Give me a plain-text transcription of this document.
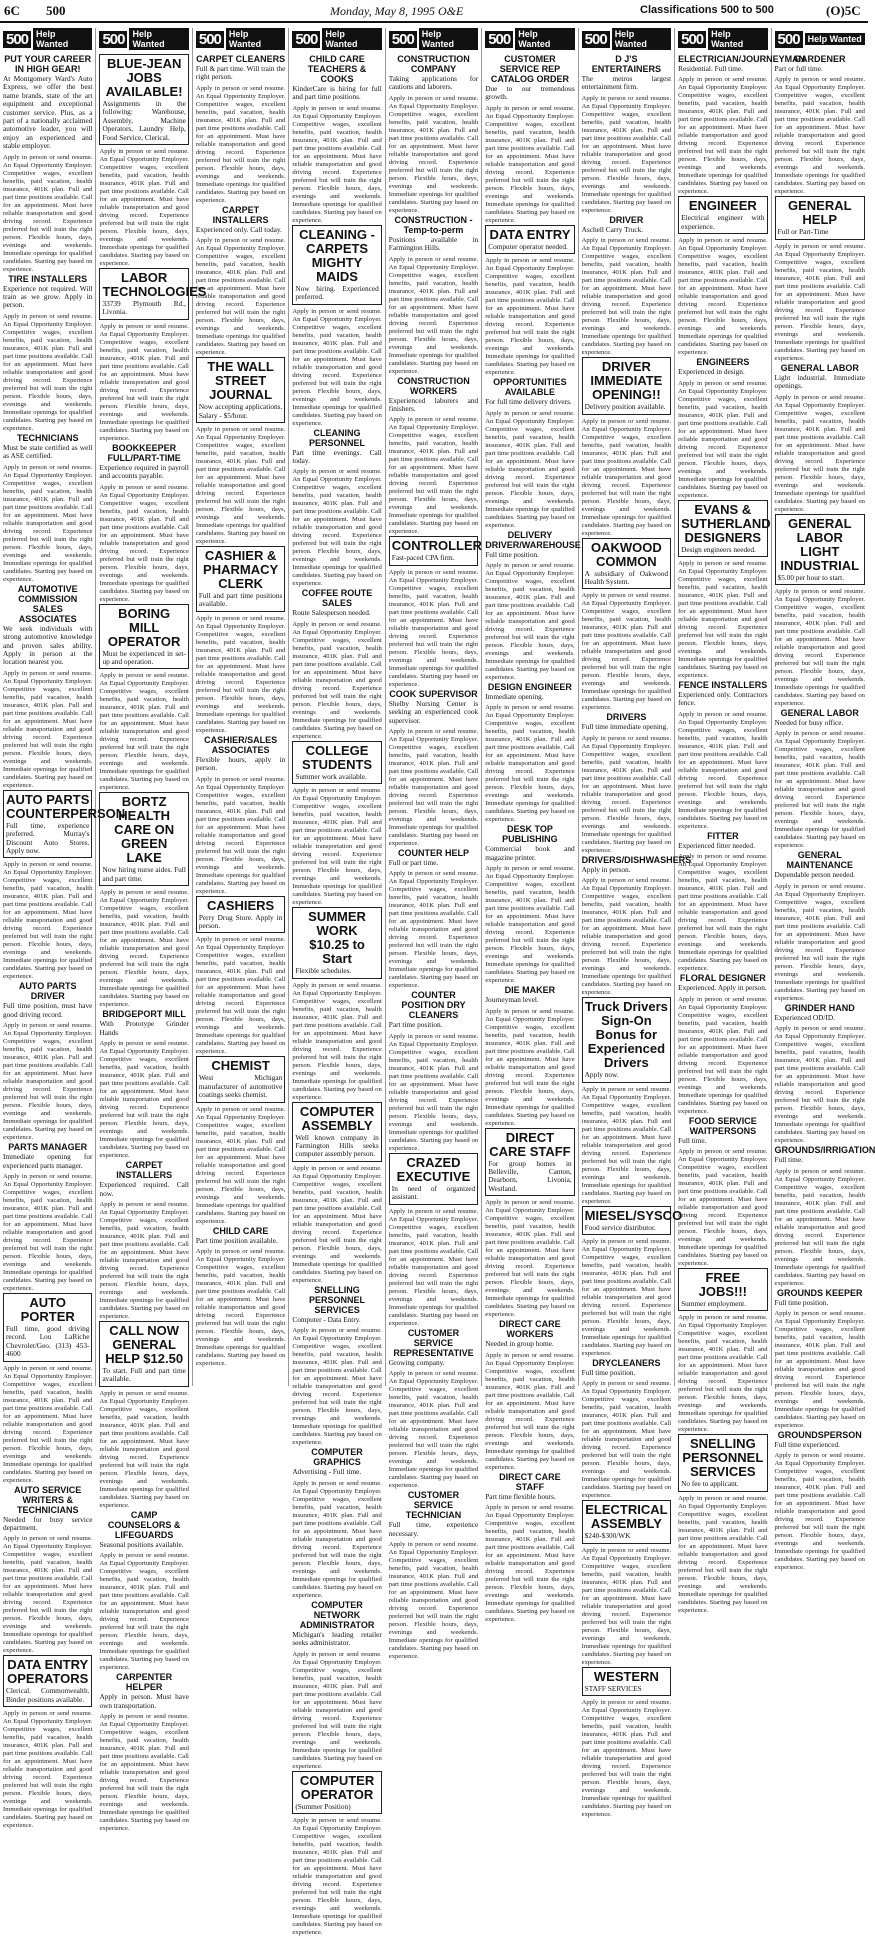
6C 500	Monday, May 8, 1995 O&E	Classifications 500 to 500	(O)5C
500 Help Wanted
PUT YOUR CAREER IN HIGH GEAR!
At Montgomery Ward's Auto Express, we offer the best name brands, state of the art equipment and exceptional customer service. Plus, as a part of a nationally acclaimed automotive leader, you will enjoy an experienced and stable employer.
Apply in person or send resume. An Equal Opportunity Employer. Competitive wages, excellent benefits, paid vacation, health insurance, 401K plan. Full and part time positions available. Call for an appointment. Must have reliable transportation and good driving record. Experience preferred but will train the right person. Flexible hours, days, evenings and weekends. Immediate openings for qualified candidates. Starting pay based on experience.
TIRE INSTALLERS
Experience not required. Will train as we grow. Apply in person.
Apply in person or send resume. An Equal Opportunity Employer. Competitive wages, excellent benefits, paid vacation, health insurance, 401K plan. Full and part time positions available. Call for an appointment. Must have reliable transportation and good driving record. Experience preferred but will train the right person. Flexible hours, days, evenings and weekends. Immediate openings for qualified candidates. Starting pay based on experience.
TECHNICIANS
Must be state certified as well as ASE certified.
Apply in person or send resume. An Equal Opportunity Employer. Competitive wages, excellent benefits, paid vacation, health insurance, 401K plan. Full and part time positions available. Call for an appointment. Must have reliable transportation and good driving record. Experience preferred but will train the right person. Flexible hours, days, evenings and weekends. Immediate openings for qualified candidates. Starting pay based on experience.
AUTOMOTIVE COMMISSION SALES ASSOCIATES
We seek individuals with strong automotive knowledge and proven sales ability. Apply in person at the location nearest you.
Apply in person or send resume. An Equal Opportunity Employer. Competitive wages, excellent benefits, paid vacation, health insurance, 401K plan. Full and part time positions available. Call for an appointment. Must have reliable transportation and good driving record. Experience preferred but will train the right person. Flexible hours, days, evenings and weekends. Immediate openings for qualified candidates. Starting pay based on experience.
AUTO PARTS COUNTERPERSON
Full time, experience preferred. Murray's Discount Auto Stores. Apply now.
Apply in person or send resume. An Equal Opportunity Employer. Competitive wages, excellent benefits, paid vacation, health insurance, 401K plan. Full and part time positions available. Call for an appointment. Must have reliable transportation and good driving record. Experience preferred but will train the right person. Flexible hours, days, evenings and weekends. Immediate openings for qualified candidates. Starting pay based on experience.
AUTO PARTS DRIVER
Full time position, must have good driving record.
Apply in person or send resume. An Equal Opportunity Employer. Competitive wages, excellent benefits, paid vacation, health insurance, 401K plan. Full and part time positions available. Call for an appointment. Must have reliable transportation and good driving record. Experience preferred but will train the right person. Flexible hours, days, evenings and weekends. Immediate openings for qualified candidates. Starting pay based on experience.
PARTS MANAGER
Immediate opening for experienced parts manager.
Apply in person or send resume. An Equal Opportunity Employer. Competitive wages, excellent benefits, paid vacation, health insurance, 401K plan. Full and part time positions available. Call for an appointment. Must have reliable transportation and good driving record. Experience preferred but will train the right person. Flexible hours, days, evenings and weekends. Immediate openings for qualified candidates. Starting pay based on experience.
AUTO PORTER
Full time, good driving record. Lou LaRiche Chevrolet/Geo. (313) 453-4600
Apply in person or send resume. An Equal Opportunity Employer. Competitive wages, excellent benefits, paid vacation, health insurance, 401K plan. Full and part time positions available. Call for an appointment. Must have reliable transportation and good driving record. Experience preferred but will train the right person. Flexible hours, days, evenings and weekends. Immediate openings for qualified candidates. Starting pay based on experience.
AUTO SERVICE WRITERS & TECHNICIANS
Needed for busy service department.
Apply in person or send resume. An Equal Opportunity Employer. Competitive wages, excellent benefits, paid vacation, health insurance, 401K plan. Full and part time positions available. Call for an appointment. Must have reliable transportation and good driving record. Experience preferred but will train the right person. Flexible hours, days, evenings and weekends. Immediate openings for qualified candidates. Starting pay based on experience.
DATA ENTRY OPERATORS
Clerical. Commonwealth. Binder positions available.
Apply in person or send resume. An Equal Opportunity Employer. Competitive wages, excellent benefits, paid vacation, health insurance, 401K plan. Full and part time positions available. Call for an appointment. Must have reliable transportation and good driving record. Experience preferred but will train the right person. Flexible hours, days, evenings and weekends. Immediate openings for qualified candidates. Starting pay based on experience.
500 Help Wanted
BLUE-JEAN JOBS AVAILABLE!
Assignments in the following: Warehouse, Assembly, Machine Operators, Laundry Help, Food Service, Clerical.
Apply in person or send resume. An Equal Opportunity Employer. Competitive wages, excellent benefits, paid vacation, health insurance, 401K plan. Full and part time positions available. Call for an appointment. Must have reliable transportation and good driving record. Experience preferred but will train the right person. Flexible hours, days, evenings and weekends. Immediate openings for qualified candidates. Starting pay based on experience.
LABOR TECHNOLOGIES
33739 Plymouth Rd., Livonia.
Apply in person or send resume. An Equal Opportunity Employer. Competitive wages, excellent benefits, paid vacation, health insurance, 401K plan. Full and part time positions available. Call for an appointment. Must have reliable transportation and good driving record. Experience preferred but will train the right person. Flexible hours, days, evenings and weekends. Immediate openings for qualified candidates. Starting pay based on experience.
BOOKKEEPER FULL/PART-TIME
Experience required in payroll and accounts payable.
Apply in person or send resume. An Equal Opportunity Employer. Competitive wages, excellent benefits, paid vacation, health insurance, 401K plan. Full and part time positions available. Call for an appointment. Must have reliable transportation and good driving record. Experience preferred but will train the right person. Flexible hours, days, evenings and weekends. Immediate openings for qualified candidates. Starting pay based on experience.
BORING MILL OPERATOR
Must be experienced in set-up and operation.
Apply in person or send resume. An Equal Opportunity Employer. Competitive wages, excellent benefits, paid vacation, health insurance, 401K plan. Full and part time positions available. Call for an appointment. Must have reliable transportation and good driving record. Experience preferred but will train the right person. Flexible hours, days, evenings and weekends. Immediate openings for qualified candidates. Starting pay based on experience.
BORTZ HEALTH CARE ON GREEN LAKE
Now hiring nurse aides. Full and part time.
Apply in person or send resume. An Equal Opportunity Employer. Competitive wages, excellent benefits, paid vacation, health insurance, 401K plan. Full and part time positions available. Call for an appointment. Must have reliable transportation and good driving record. Experience preferred but will train the right person. Flexible hours, days, evenings and weekends. Immediate openings for qualified candidates. Starting pay based on experience.
BRIDGEPORT MILL
With Prototype Grinder Hands
Apply in person or send resume. An Equal Opportunity Employer. Competitive wages, excellent benefits, paid vacation, health insurance, 401K plan. Full and part time positions available. Call for an appointment. Must have reliable transportation and good driving record. Experience preferred but will train the right person. Flexible hours, days, evenings and weekends. Immediate openings for qualified candidates. Starting pay based on experience.
CARPET INSTALLERS
Experienced required. Call now.
Apply in person or send resume. An Equal Opportunity Employer. Competitive wages, excellent benefits, paid vacation, health insurance, 401K plan. Full and part time positions available. Call for an appointment. Must have reliable transportation and good driving record. Experience preferred but will train the right person. Flexible hours, days, evenings and weekends. Immediate openings for qualified candidates. Starting pay based on experience.
CALL NOW GENERAL HELP $12.50
To start. Full and part time available.
Apply in person or send resume. An Equal Opportunity Employer. Competitive wages, excellent benefits, paid vacation, health insurance, 401K plan. Full and part time positions available. Call for an appointment. Must have reliable transportation and good driving record. Experience preferred but will train the right person. Flexible hours, days, evenings and weekends. Immediate openings for qualified candidates. Starting pay based on experience.
CAMP COUNSELORS & LIFEGUARDS
Seasonal positions available.
Apply in person or send resume. An Equal Opportunity Employer. Competitive wages, excellent benefits, paid vacation, health insurance, 401K plan. Full and part time positions available. Call for an appointment. Must have reliable transportation and good driving record. Experience preferred but will train the right person. Flexible hours, days, evenings and weekends. Immediate openings for qualified candidates. Starting pay based on experience.
CARPENTER HELPER
Apply in person. Must have own transportation.
Apply in person or send resume. An Equal Opportunity Employer. Competitive wages, excellent benefits, paid vacation, health insurance, 401K plan. Full and part time positions available. Call for an appointment. Must have reliable transportation and good driving record. Experience preferred but will train the right person. Flexible hours, days, evenings and weekends. Immediate openings for qualified candidates. Starting pay based on experience.
500 Help Wanted
CARPET CLEANERS
Full & part time. Will train the right person.
Apply in person or send resume. An Equal Opportunity Employer. Competitive wages, excellent benefits, paid vacation, health insurance, 401K plan. Full and part time positions available. Call for an appointment. Must have reliable transportation and good driving record. Experience preferred but will train the right person. Flexible hours, days, evenings and weekends. Immediate openings for qualified candidates. Starting pay based on experience.
CARPET INSTALLERS
Experienced only. Call today.
Apply in person or send resume. An Equal Opportunity Employer. Competitive wages, excellent benefits, paid vacation, health insurance, 401K plan. Full and part time positions available. Call for an appointment. Must have reliable transportation and good driving record. Experience preferred but will train the right person. Flexible hours, days, evenings and weekends. Immediate openings for qualified candidates. Starting pay based on experience.
THE WALL STREET JOURNAL
Now accepting applications. Salary - $5/hour.
Apply in person or send resume. An Equal Opportunity Employer. Competitive wages, excellent benefits, paid vacation, health insurance, 401K plan. Full and part time positions available. Call for an appointment. Must have reliable transportation and good driving record. Experience preferred but will train the right person. Flexible hours, days, evenings and weekends. Immediate openings for qualified candidates. Starting pay based on experience.
CASHIER & PHARMACY CLERK
Full and part time positions available.
Apply in person or send resume. An Equal Opportunity Employer. Competitive wages, excellent benefits, paid vacation, health insurance, 401K plan. Full and part time positions available. Call for an appointment. Must have reliable transportation and good driving record. Experience preferred but will train the right person. Flexible hours, days, evenings and weekends. Immediate openings for qualified candidates. Starting pay based on experience.
CASHIER/SALES ASSOCIATES
Flexible hours, apply in person.
Apply in person or send resume. An Equal Opportunity Employer. Competitive wages, excellent benefits, paid vacation, health insurance, 401K plan. Full and part time positions available. Call for an appointment. Must have reliable transportation and good driving record. Experience preferred but will train the right person. Flexible hours, days, evenings and weekends. Immediate openings for qualified candidates. Starting pay based on experience.
CASHIERS
Perry Drug Store. Apply in person.
Apply in person or send resume. An Equal Opportunity Employer. Competitive wages, excellent benefits, paid vacation, health insurance, 401K plan. Full and part time positions available. Call for an appointment. Must have reliable transportation and good driving record. Experience preferred but will train the right person. Flexible hours, days, evenings and weekends. Immediate openings for qualified candidates. Starting pay based on experience.
CHEMIST
West Michigan manufacturer of automotive coatings seeks chemist.
Apply in person or send resume. An Equal Opportunity Employer. Competitive wages, excellent benefits, paid vacation, health insurance, 401K plan. Full and part time positions available. Call for an appointment. Must have reliable transportation and good driving record. Experience preferred but will train the right person. Flexible hours, days, evenings and weekends. Immediate openings for qualified candidates. Starting pay based on experience.
CHILD CARE
Part time position available.
Apply in person or send resume. An Equal Opportunity Employer. Competitive wages, excellent benefits, paid vacation, health insurance, 401K plan. Full and part time positions available. Call for an appointment. Must have reliable transportation and good driving record. Experience preferred but will train the right person. Flexible hours, days, evenings and weekends. Immediate openings for qualified candidates. Starting pay based on experience.
500 Help Wanted
CHILD CARE TEACHERS & COOKS
KinderCare is hiring for full and part time positions.
Apply in person or send resume. An Equal Opportunity Employer. Competitive wages, excellent benefits, paid vacation, health insurance, 401K plan. Full and part time positions available. Call for an appointment. Must have reliable transportation and good driving record. Experience preferred but will train the right person. Flexible hours, days, evenings and weekends. Immediate openings for qualified candidates. Starting pay based on experience.
CLEANING - CARPETS MIGHTY MAIDS
Now hiring. Experienced preferred.
Apply in person or send resume. An Equal Opportunity Employer. Competitive wages, excellent benefits, paid vacation, health insurance, 401K plan. Full and part time positions available. Call for an appointment. Must have reliable transportation and good driving record. Experience preferred but will train the right person. Flexible hours, days, evenings and weekends. Immediate openings for qualified candidates. Starting pay based on experience.
CLEANING PERSONNEL
Part time evenings. Call today.
Apply in person or send resume. An Equal Opportunity Employer. Competitive wages, excellent benefits, paid vacation, health insurance, 401K plan. Full and part time positions available. Call for an appointment. Must have reliable transportation and good driving record. Experience preferred but will train the right person. Flexible hours, days, evenings and weekends. Immediate openings for qualified candidates. Starting pay based on experience.
COFFEE ROUTE SALES
Route Salesperson needed.
Apply in person or send resume. An Equal Opportunity Employer. Competitive wages, excellent benefits, paid vacation, health insurance, 401K plan. Full and part time positions available. Call for an appointment. Must have reliable transportation and good driving record. Experience preferred but will train the right person. Flexible hours, days, evenings and weekends. Immediate openings for qualified candidates. Starting pay based on experience.
COLLEGE STUDENTS
Summer work available.
Apply in person or send resume. An Equal Opportunity Employer. Competitive wages, excellent benefits, paid vacation, health insurance, 401K plan. Full and part time positions available. Call for an appointment. Must have reliable transportation and good driving record. Experience preferred but will train the right person. Flexible hours, days, evenings and weekends. Immediate openings for qualified candidates. Starting pay based on experience.
SUMMER WORK $10.25 to Start
Flexible schedules.
Apply in person or send resume. An Equal Opportunity Employer. Competitive wages, excellent benefits, paid vacation, health insurance, 401K plan. Full and part time positions available. Call for an appointment. Must have reliable transportation and good driving record. Experience preferred but will train the right person. Flexible hours, days, evenings and weekends. Immediate openings for qualified candidates. Starting pay based on experience.
COMPUTER ASSEMBLY
Well known company in Farmington Hills seeks computer assembly person.
Apply in person or send resume. An Equal Opportunity Employer. Competitive wages, excellent benefits, paid vacation, health insurance, 401K plan. Full and part time positions available. Call for an appointment. Must have reliable transportation and good driving record. Experience preferred but will train the right person. Flexible hours, days, evenings and weekends. Immediate openings for qualified candidates. Starting pay based on experience.
SNELLING PERSONNEL SERVICES
Computer - Data Entry.
Apply in person or send resume. An Equal Opportunity Employer. Competitive wages, excellent benefits, paid vacation, health insurance, 401K plan. Full and part time positions available. Call for an appointment. Must have reliable transportation and good driving record. Experience preferred but will train the right person. Flexible hours, days, evenings and weekends. Immediate openings for qualified candidates. Starting pay based on experience.
COMPUTER GRAPHICS
Advertising - Full time.
Apply in person or send resume. An Equal Opportunity Employer. Competitive wages, excellent benefits, paid vacation, health insurance, 401K plan. Full and part time positions available. Call for an appointment. Must have reliable transportation and good driving record. Experience preferred but will train the right person. Flexible hours, days, evenings and weekends. Immediate openings for qualified candidates. Starting pay based on experience.
COMPUTER NETWORK ADMINISTRATOR
Michigan's leading retailer seeks administrator.
Apply in person or send resume. An Equal Opportunity Employer. Competitive wages, excellent benefits, paid vacation, health insurance, 401K plan. Full and part time positions available. Call for an appointment. Must have reliable transportation and good driving record. Experience preferred but will train the right person. Flexible hours, days, evenings and weekends. Immediate openings for qualified candidates. Starting pay based on experience.
COMPUTER OPERATOR
(Summer Position)
Apply in person or send resume. An Equal Opportunity Employer. Competitive wages, excellent benefits, paid vacation, health insurance, 401K plan. Full and part time positions available. Call for an appointment. Must have reliable transportation and good driving record. Experience preferred but will train the right person. Flexible hours, days, evenings and weekends. Immediate openings for qualified candidates. Starting pay based on experience.
500 Help Wanted
CONSTRUCTION COMPANY
Taking applications for cautions and laborers.
Apply in person or send resume. An Equal Opportunity Employer. Competitive wages, excellent benefits, paid vacation, health insurance, 401K plan. Full and part time positions available. Call for an appointment. Must have reliable transportation and good driving record. Experience preferred but will train the right person. Flexible hours, days, evenings and weekends. Immediate openings for qualified candidates. Starting pay based on experience.
CONSTRUCTION - Temp-to-perm
Positions available in Farmington Hills.
Apply in person or send resume. An Equal Opportunity Employer. Competitive wages, excellent benefits, paid vacation, health insurance, 401K plan. Full and part time positions available. Call for an appointment. Must have reliable transportation and good driving record. Experience preferred but will train the right person. Flexible hours, days, evenings and weekends. Immediate openings for qualified candidates. Starting pay based on experience.
CONSTRUCTION WORKERS
Experienced laborers and finishers.
Apply in person or send resume. An Equal Opportunity Employer. Competitive wages, excellent benefits, paid vacation, health insurance, 401K plan. Full and part time positions available. Call for an appointment. Must have reliable transportation and good driving record. Experience preferred but will train the right person. Flexible hours, days, evenings and weekends. Immediate openings for qualified candidates. Starting pay based on experience.
CONTROLLER
Fast-paced CPA firm.
Apply in person or send resume. An Equal Opportunity Employer. Competitive wages, excellent benefits, paid vacation, health insurance, 401K plan. Full and part time positions available. Call for an appointment. Must have reliable transportation and good driving record. Experience preferred but will train the right person. Flexible hours, days, evenings and weekends. Immediate openings for qualified candidates. Starting pay based on experience.
COOK SUPERVISOR
Shelby Nursing Center is seeking an experienced cook supervisor.
Apply in person or send resume. An Equal Opportunity Employer. Competitive wages, excellent benefits, paid vacation, health insurance, 401K plan. Full and part time positions available. Call for an appointment. Must have reliable transportation and good driving record. Experience preferred but will train the right person. Flexible hours, days, evenings and weekends. Immediate openings for qualified candidates. Starting pay based on experience.
COUNTER HELP
Full or part time.
Apply in person or send resume. An Equal Opportunity Employer. Competitive wages, excellent benefits, paid vacation, health insurance, 401K plan. Full and part time positions available. Call for an appointment. Must have reliable transportation and good driving record. Experience preferred but will train the right person. Flexible hours, days, evenings and weekends. Immediate openings for qualified candidates. Starting pay based on experience.
COUNTER POSITION DRY CLEANERS
Part time position.
Apply in person or send resume. An Equal Opportunity Employer. Competitive wages, excellent benefits, paid vacation, health insurance, 401K plan. Full and part time positions available. Call for an appointment. Must have reliable transportation and good driving record. Experience preferred but will train the right person. Flexible hours, days, evenings and weekends. Immediate openings for qualified candidates. Starting pay based on experience.
CRAZED EXECUTIVE
In need of organized assistant.
Apply in person or send resume. An Equal Opportunity Employer. Competitive wages, excellent benefits, paid vacation, health insurance, 401K plan. Full and part time positions available. Call for an appointment. Must have reliable transportation and good driving record. Experience preferred but will train the right person. Flexible hours, days, evenings and weekends. Immediate openings for qualified candidates. Starting pay based on experience.
CUSTOMER SERVICE REPRESENTATIVE
Growing company.
Apply in person or send resume. An Equal Opportunity Employer. Competitive wages, excellent benefits, paid vacation, health insurance, 401K plan. Full and part time positions available. Call for an appointment. Must have reliable transportation and good driving record. Experience preferred but will train the right person. Flexible hours, days, evenings and weekends. Immediate openings for qualified candidates. Starting pay based on experience.
CUSTOMER SERVICE TECHNICIAN
Full time, experience necessary.
Apply in person or send resume. An Equal Opportunity Employer. Competitive wages, excellent benefits, paid vacation, health insurance, 401K plan. Full and part time positions available. Call for an appointment. Must have reliable transportation and good driving record. Experience preferred but will train the right person. Flexible hours, days, evenings and weekends. Immediate openings for qualified candidates. Starting pay based on experience.
500 Help Wanted
CUSTOMER SERVICE REP CATALOG ORDER
Due to our tremendous growth.
Apply in person or send resume. An Equal Opportunity Employer. Competitive wages, excellent benefits, paid vacation, health insurance, 401K plan. Full and part time positions available. Call for an appointment. Must have reliable transportation and good driving record. Experience preferred but will train the right person. Flexible hours, days, evenings and weekends. Immediate openings for qualified candidates. Starting pay based on experience.
DATA ENTRY
Computer operator needed.
Apply in person or send resume. An Equal Opportunity Employer. Competitive wages, excellent benefits, paid vacation, health insurance, 401K plan. Full and part time positions available. Call for an appointment. Must have reliable transportation and good driving record. Experience preferred but will train the right person. Flexible hours, days, evenings and weekends. Immediate openings for qualified candidates. Starting pay based on experience.
OPPORTUNITIES AVAILABLE
For full time delivery drivers.
Apply in person or send resume. An Equal Opportunity Employer. Competitive wages, excellent benefits, paid vacation, health insurance, 401K plan. Full and part time positions available. Call for an appointment. Must have reliable transportation and good driving record. Experience preferred but will train the right person. Flexible hours, days, evenings and weekends. Immediate openings for qualified candidates. Starting pay based on experience.
DELIVERY DRIVER/WAREHOUSE
Full time position.
Apply in person or send resume. An Equal Opportunity Employer. Competitive wages, excellent benefits, paid vacation, health insurance, 401K plan. Full and part time positions available. Call for an appointment. Must have reliable transportation and good driving record. Experience preferred but will train the right person. Flexible hours, days, evenings and weekends. Immediate openings for qualified candidates. Starting pay based on experience.
DESIGN ENGINEER
Immediate opening.
Apply in person or send resume. An Equal Opportunity Employer. Competitive wages, excellent benefits, paid vacation, health insurance, 401K plan. Full and part time positions available. Call for an appointment. Must have reliable transportation and good driving record. Experience preferred but will train the right person. Flexible hours, days, evenings and weekends. Immediate openings for qualified candidates. Starting pay based on experience.
DESK TOP PUBLISHING
Commercial book and magazine printer.
Apply in person or send resume. An Equal Opportunity Employer. Competitive wages, excellent benefits, paid vacation, health insurance, 401K plan. Full and part time positions available. Call for an appointment. Must have reliable transportation and good driving record. Experience preferred but will train the right person. Flexible hours, days, evenings and weekends. Immediate openings for qualified candidates. Starting pay based on experience.
DIE MAKER
Journeyman level.
Apply in person or send resume. An Equal Opportunity Employer. Competitive wages, excellent benefits, paid vacation, health insurance, 401K plan. Full and part time positions available. Call for an appointment. Must have reliable transportation and good driving record. Experience preferred but will train the right person. Flexible hours, days, evenings and weekends. Immediate openings for qualified candidates. Starting pay based on experience.
DIRECT CARE STAFF
For group homes in Belleville, Canton, Dearborn, Livonia, Westland.
Apply in person or send resume. An Equal Opportunity Employer. Competitive wages, excellent benefits, paid vacation, health insurance, 401K plan. Full and part time positions available. Call for an appointment. Must have reliable transportation and good driving record. Experience preferred but will train the right person. Flexible hours, days, evenings and weekends. Immediate openings for qualified candidates. Starting pay based on experience.
DIRECT CARE WORKERS
Needed in group home.
Apply in person or send resume. An Equal Opportunity Employer. Competitive wages, excellent benefits, paid vacation, health insurance, 401K plan. Full and part time positions available. Call for an appointment. Must have reliable transportation and good driving record. Experience preferred but will train the right person. Flexible hours, days, evenings and weekends. Immediate openings for qualified candidates. Starting pay based on experience.
DIRECT CARE STAFF
Part time flexible hours.
Apply in person or send resume. An Equal Opportunity Employer. Competitive wages, excellent benefits, paid vacation, health insurance, 401K plan. Full and part time positions available. Call for an appointment. Must have reliable transportation and good driving record. Experience preferred but will train the right person. Flexible hours, days, evenings and weekends. Immediate openings for qualified candidates. Starting pay based on experience.
500 Help Wanted
D J'S ENTERTAINERS
The metros largest entertainment firm.
Apply in person or send resume. An Equal Opportunity Employer. Competitive wages, excellent benefits, paid vacation, health insurance, 401K plan. Full and part time positions available. Call for an appointment. Must have reliable transportation and good driving record. Experience preferred but will train the right person. Flexible hours, days, evenings and weekends. Immediate openings for qualified candidates. Starting pay based on experience.
DRIVER
Aschell Carry Truck.
Apply in person or send resume. An Equal Opportunity Employer. Competitive wages, excellent benefits, paid vacation, health insurance, 401K plan. Full and part time positions available. Call for an appointment. Must have reliable transportation and good driving record. Experience preferred but will train the right person. Flexible hours, days, evenings and weekends. Immediate openings for qualified candidates. Starting pay based on experience.
DRIVER IMMEDIATE OPENING!!
Delivery position available.
Apply in person or send resume. An Equal Opportunity Employer. Competitive wages, excellent benefits, paid vacation, health insurance, 401K plan. Full and part time positions available. Call for an appointment. Must have reliable transportation and good driving record. Experience preferred but will train the right person. Flexible hours, days, evenings and weekends. Immediate openings for qualified candidates. Starting pay based on experience.
OAKWOOD COMMON
A subsidiary of Oakwood Health System.
Apply in person or send resume. An Equal Opportunity Employer. Competitive wages, excellent benefits, paid vacation, health insurance, 401K plan. Full and part time positions available. Call for an appointment. Must have reliable transportation and good driving record. Experience preferred but will train the right person. Flexible hours, days, evenings and weekends. Immediate openings for qualified candidates. Starting pay based on experience.
DRIVERS
Full time immediate opening.
Apply in person or send resume. An Equal Opportunity Employer. Competitive wages, excellent benefits, paid vacation, health insurance, 401K plan. Full and part time positions available. Call for an appointment. Must have reliable transportation and good driving record. Experience preferred but will train the right person. Flexible hours, days, evenings and weekends. Immediate openings for qualified candidates. Starting pay based on experience.
DRIVERS/DISHWASHERS
Apply in person.
Apply in person or send resume. An Equal Opportunity Employer. Competitive wages, excellent benefits, paid vacation, health insurance, 401K plan. Full and part time positions available. Call for an appointment. Must have reliable transportation and good driving record. Experience preferred but will train the right person. Flexible hours, days, evenings and weekends. Immediate openings for qualified candidates. Starting pay based on experience.
Truck Drivers Sign-On Bonus for Experienced Drivers
Apply now.
Apply in person or send resume. An Equal Opportunity Employer. Competitive wages, excellent benefits, paid vacation, health insurance, 401K plan. Full and part time positions available. Call for an appointment. Must have reliable transportation and good driving record. Experience preferred but will train the right person. Flexible hours, days, evenings and weekends. Immediate openings for qualified candidates. Starting pay based on experience.
MIESEL/SYSCO
Food service distributor.
Apply in person or send resume. An Equal Opportunity Employer. Competitive wages, excellent benefits, paid vacation, health insurance, 401K plan. Full and part time positions available. Call for an appointment. Must have reliable transportation and good driving record. Experience preferred but will train the right person. Flexible hours, days, evenings and weekends. Immediate openings for qualified candidates. Starting pay based on experience.
DRYCLEANERS
Full time position.
Apply in person or send resume. An Equal Opportunity Employer. Competitive wages, excellent benefits, paid vacation, health insurance, 401K plan. Full and part time positions available. Call for an appointment. Must have reliable transportation and good driving record. Experience preferred but will train the right person. Flexible hours, days, evenings and weekends. Immediate openings for qualified candidates. Starting pay based on experience.
ELECTRICAL ASSEMBLY
$240-$300/WK
Apply in person or send resume. An Equal Opportunity Employer. Competitive wages, excellent benefits, paid vacation, health insurance, 401K plan. Full and part time positions available. Call for an appointment. Must have reliable transportation and good driving record. Experience preferred but will train the right person. Flexible hours, days, evenings and weekends. Immediate openings for qualified candidates. Starting pay based on experience.
WESTERN
STAFF SERVICES
Apply in person or send resume. An Equal Opportunity Employer. Competitive wages, excellent benefits, paid vacation, health insurance, 401K plan. Full and part time positions available. Call for an appointment. Must have reliable transportation and good driving record. Experience preferred but will train the right person. Flexible hours, days, evenings and weekends. Immediate openings for qualified candidates. Starting pay based on experience.
500 Help Wanted
ELECTRICIAN/JOURNEYMAN
Residential. Full time.
Apply in person or send resume. An Equal Opportunity Employer. Competitive wages, excellent benefits, paid vacation, health insurance, 401K plan. Full and part time positions available. Call for an appointment. Must have reliable transportation and good driving record. Experience preferred but will train the right person. Flexible hours, days, evenings and weekends. Immediate openings for qualified candidates. Starting pay based on experience.
ENGINEER
Electrical engineer with experience.
Apply in person or send resume. An Equal Opportunity Employer. Competitive wages, excellent benefits, paid vacation, health insurance, 401K plan. Full and part time positions available. Call for an appointment. Must have reliable transportation and good driving record. Experience preferred but will train the right person. Flexible hours, days, evenings and weekends. Immediate openings for qualified candidates. Starting pay based on experience.
ENGINEERS
Experienced in design.
Apply in person or send resume. An Equal Opportunity Employer. Competitive wages, excellent benefits, paid vacation, health insurance, 401K plan. Full and part time positions available. Call for an appointment. Must have reliable transportation and good driving record. Experience preferred but will train the right person. Flexible hours, days, evenings and weekends. Immediate openings for qualified candidates. Starting pay based on experience.
EVANS & SUTHERLAND DESIGNERS
Design engineers needed.
Apply in person or send resume. An Equal Opportunity Employer. Competitive wages, excellent benefits, paid vacation, health insurance, 401K plan. Full and part time positions available. Call for an appointment. Must have reliable transportation and good driving record. Experience preferred but will train the right person. Flexible hours, days, evenings and weekends. Immediate openings for qualified candidates. Starting pay based on experience.
FENCE INSTALLERS
Experienced only. Contractors fence.
Apply in person or send resume. An Equal Opportunity Employer. Competitive wages, excellent benefits, paid vacation, health insurance, 401K plan. Full and part time positions available. Call for an appointment. Must have reliable transportation and good driving record. Experience preferred but will train the right person. Flexible hours, days, evenings and weekends. Immediate openings for qualified candidates. Starting pay based on experience.
FITTER
Experienced fitter needed.
Apply in person or send resume. An Equal Opportunity Employer. Competitive wages, excellent benefits, paid vacation, health insurance, 401K plan. Full and part time positions available. Call for an appointment. Must have reliable transportation and good driving record. Experience preferred but will train the right person. Flexible hours, days, evenings and weekends. Immediate openings for qualified candidates. Starting pay based on experience.
FLORAL DESIGNER
Experienced. Apply in person.
Apply in person or send resume. An Equal Opportunity Employer. Competitive wages, excellent benefits, paid vacation, health insurance, 401K plan. Full and part time positions available. Call for an appointment. Must have reliable transportation and good driving record. Experience preferred but will train the right person. Flexible hours, days, evenings and weekends. Immediate openings for qualified candidates. Starting pay based on experience.
FOOD SERVICE WAITPERSONS
Full time.
Apply in person or send resume. An Equal Opportunity Employer. Competitive wages, excellent benefits, paid vacation, health insurance, 401K plan. Full and part time positions available. Call for an appointment. Must have reliable transportation and good driving record. Experience preferred but will train the right person. Flexible hours, days, evenings and weekends. Immediate openings for qualified candidates. Starting pay based on experience.
FREE JOBS!!!
Summer employment.
Apply in person or send resume. An Equal Opportunity Employer. Competitive wages, excellent benefits, paid vacation, health insurance, 401K plan. Full and part time positions available. Call for an appointment. Must have reliable transportation and good driving record. Experience preferred but will train the right person. Flexible hours, days, evenings and weekends. Immediate openings for qualified candidates. Starting pay based on experience.
SNELLING PERSONNEL SERVICES
No fee to applicant.
Apply in person or send resume. An Equal Opportunity Employer. Competitive wages, excellent benefits, paid vacation, health insurance, 401K plan. Full and part time positions available. Call for an appointment. Must have reliable transportation and good driving record. Experience preferred but will train the right person. Flexible hours, days, evenings and weekends. Immediate openings for qualified candidates. Starting pay based on experience.
500 Help Wanted
GARDENER
Part or full time.
Apply in person or send resume. An Equal Opportunity Employer. Competitive wages, excellent benefits, paid vacation, health insurance, 401K plan. Full and part time positions available. Call for an appointment. Must have reliable transportation and good driving record. Experience preferred but will train the right person. Flexible hours, days, evenings and weekends. Immediate openings for qualified candidates. Starting pay based on experience.
GENERAL HELP
Full or Part-Time
Apply in person or send resume. An Equal Opportunity Employer. Competitive wages, excellent benefits, paid vacation, health insurance, 401K plan. Full and part time positions available. Call for an appointment. Must have reliable transportation and good driving record. Experience preferred but will train the right person. Flexible hours, days, evenings and weekends. Immediate openings for qualified candidates. Starting pay based on experience.
GENERAL LABOR
Light industrial. Immediate openings.
Apply in person or send resume. An Equal Opportunity Employer. Competitive wages, excellent benefits, paid vacation, health insurance, 401K plan. Full and part time positions available. Call for an appointment. Must have reliable transportation and good driving record. Experience preferred but will train the right person. Flexible hours, days, evenings and weekends. Immediate openings for qualified candidates. Starting pay based on experience.
GENERAL LABOR LIGHT INDUSTRIAL
$5.00 per hour to start.
Apply in person or send resume. An Equal Opportunity Employer. Competitive wages, excellent benefits, paid vacation, health insurance, 401K plan. Full and part time positions available. Call for an appointment. Must have reliable transportation and good driving record. Experience preferred but will train the right person. Flexible hours, days, evenings and weekends. Immediate openings for qualified candidates. Starting pay based on experience.
GENERAL LABOR
Needed for busy office.
Apply in person or send resume. An Equal Opportunity Employer. Competitive wages, excellent benefits, paid vacation, health insurance, 401K plan. Full and part time positions available. Call for an appointment. Must have reliable transportation and good driving record. Experience preferred but will train the right person. Flexible hours, days, evenings and weekends. Immediate openings for qualified candidates. Starting pay based on experience.
GENERAL MAINTENANCE
Dependable person needed.
Apply in person or send resume. An Equal Opportunity Employer. Competitive wages, excellent benefits, paid vacation, health insurance, 401K plan. Full and part time positions available. Call for an appointment. Must have reliable transportation and good driving record. Experience preferred but will train the right person. Flexible hours, days, evenings and weekends. Immediate openings for qualified candidates. Starting pay based on experience.
GRINDER HAND
Experienced OD/ID.
Apply in person or send resume. An Equal Opportunity Employer. Competitive wages, excellent benefits, paid vacation, health insurance, 401K plan. Full and part time positions available. Call for an appointment. Must have reliable transportation and good driving record. Experience preferred but will train the right person. Flexible hours, days, evenings and weekends. Immediate openings for qualified candidates. Starting pay based on experience.
GROUNDS/IRRIGATION
Full time.
Apply in person or send resume. An Equal Opportunity Employer. Competitive wages, excellent benefits, paid vacation, health insurance, 401K plan. Full and part time positions available. Call for an appointment. Must have reliable transportation and good driving record. Experience preferred but will train the right person. Flexible hours, days, evenings and weekends. Immediate openings for qualified candidates. Starting pay based on experience.
GROUNDS KEEPER
Full time position.
Apply in person or send resume. An Equal Opportunity Employer. Competitive wages, excellent benefits, paid vacation, health insurance, 401K plan. Full and part time positions available. Call for an appointment. Must have reliable transportation and good driving record. Experience preferred but will train the right person. Flexible hours, days, evenings and weekends. Immediate openings for qualified candidates. Starting pay based on experience.
GROUNDSPERSON
Full time experienced.
Apply in person or send resume. An Equal Opportunity Employer. Competitive wages, excellent benefits, paid vacation, health insurance, 401K plan. Full and part time positions available. Call for an appointment. Must have reliable transportation and good driving record. Experience preferred but will train the right person. Flexible hours, days, evenings and weekends. Immediate openings for qualified candidates. Starting pay based on experience.
